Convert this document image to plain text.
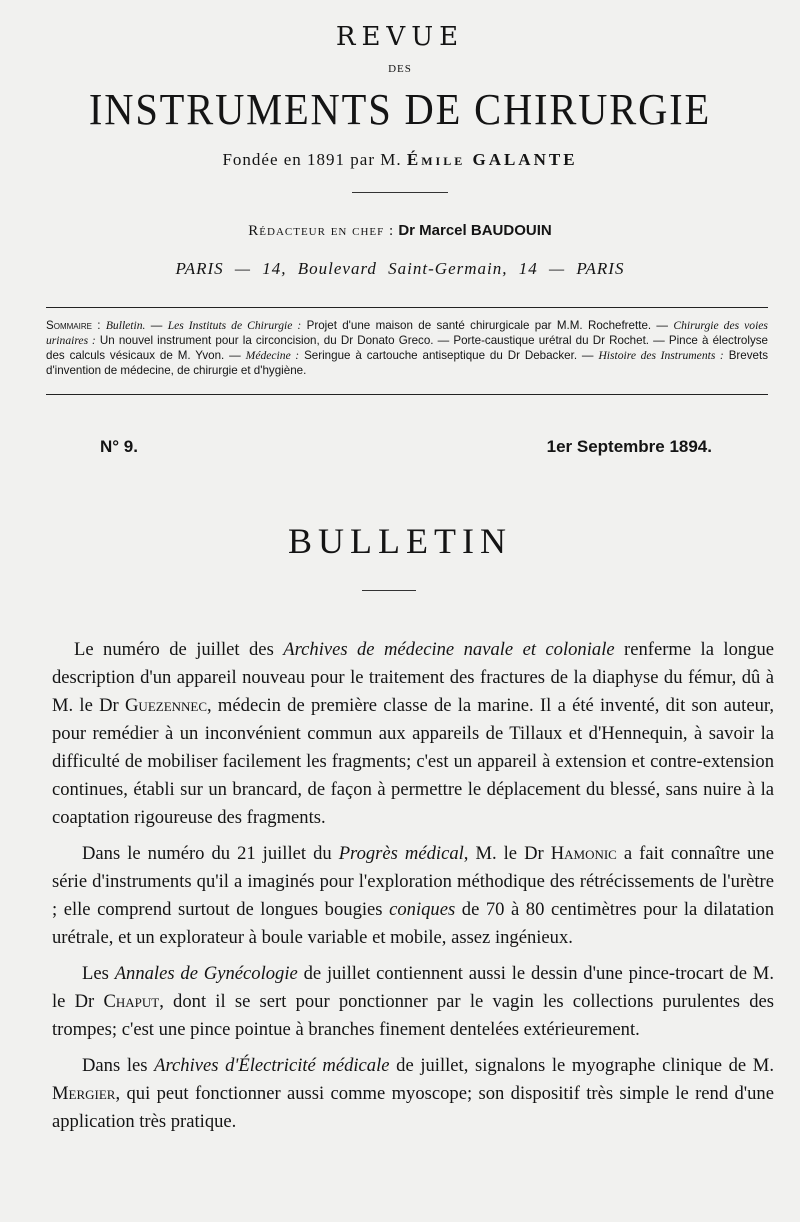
REVUE
DES
INSTRUMENTS DE CHIRURGIE
Fondée en 1891 par M. Émile GALANTE
Rédacteur en chef : Dr Marcel BAUDOUIN
PARIS — 14, Boulevard Saint-Germain, 14 — PARIS
Sommaire : Bulletin. — Les Instituts de Chirurgie : Projet d'une maison de santé chirurgicale par M.M. Rochefrette. — Chirurgie des voies urinaires : Un nouvel instrument pour la circoncision, du Dr Donato Greco. — Porte-caustique urétral du Dr Rochet. — Pince à électrolyse des calculs vésicaux de M. Yvon. — Médecine : Seringue à cartouche antiseptique du Dr Debacker. — Histoire des Instruments : Brevets d'invention de médecine, de chirurgie et d'hygiène.
N° 9.	1er Septembre 1894.
BULLETIN

Le numéro de juillet des Archives de médecine navale et coloniale renferme la longue description d'un appareil nouveau pour le traitement des fractures de la diaphyse du fémur, dû à M. le Dr Guezennec, médecin de première classe de la marine. Il a été inventé, dit son auteur, pour remédier à un inconvénient commun aux appareils de Tillaux et d'Hennequin, à savoir la difficulté de mobiliser facilement les fragments; c'est un appareil à extension et contre-extension continues, établi sur un brancard, de façon à permettre le déplacement du blessé, sans nuire à la coaptation rigoureuse des fragments.

Dans le numéro du 21 juillet du Progrès médical, M. le Dr Hamonic a fait connaître une série d'instruments qu'il a imaginés pour l'exploration méthodique des rétrécissements de l'urètre ; elle comprend surtout de longues bougies coniques de 70 à 80 centimètres pour la dilatation urétrale, et un explorateur à boule variable et mobile, assez ingénieux.

Les Annales de Gynécologie de juillet contiennent aussi le dessin d'une pince-trocart de M. le Dr Chaput, dont il se sert pour ponctionner par le vagin les collections purulentes des trompes; c'est une pince pointue à branches finement dentelées extérieurement.

Dans les Archives d'Électricité médicale de juillet, signalons le myographe clinique de M. Mergier, qui peut fonctionner aussi comme myoscope; son dispositif très simple le rend d'une application très pratique.
